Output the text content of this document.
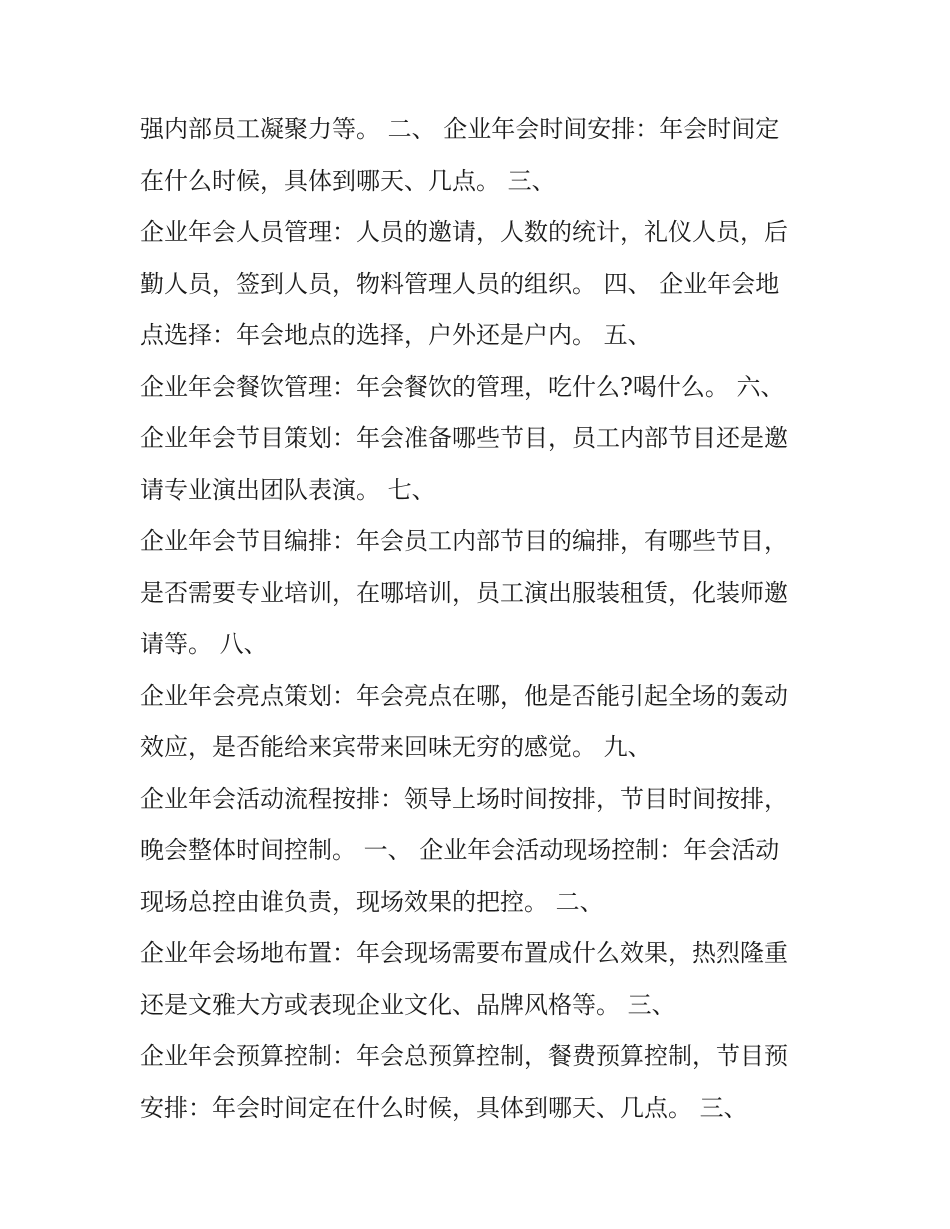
强内部员工凝聚力等。 二、 企业年会时间安排：年会时间定
在什么时候，具体到哪天、几点。 三、
企业年会人员管理：人员的邀请，人数的统计，礼仪人员，后
勤人员，签到人员，物料管理人员的组织。 四、 企业年会地
点选择：年会地点的选择，户外还是户内。 五、
企业年会餐饮管理：年会餐饮的管理，吃什么?喝什么。 六、
企业年会节目策划：年会准备哪些节目，员工内部节目还是邀
请专业演出团队表演。 七、
企业年会节目编排：年会员工内部节目的编排，有哪些节目，
是否需要专业培训，在哪培训，员工演出服装租赁，化装师邀
请等。 八、
企业年会亮点策划：年会亮点在哪，他是否能引起全场的轰动
效应，是否能给来宾带来回味无穷的感觉。 九、
企业年会活动流程按排：领导上场时间按排，节目时间按排，
晚会整体时间控制。 一、 企业年会活动现场控制：年会活动
现场总控由谁负责，现场效果的把控。 二、
企业年会场地布置：年会现场需要布置成什么效果，热烈隆重
还是文雅大方或表现企业文化、品牌风格等。 三、
企业年会预算控制：年会总预算控制，餐费预算控制，节目预
安排：年会时间定在什么时候，具体到哪天、几点。 三、
